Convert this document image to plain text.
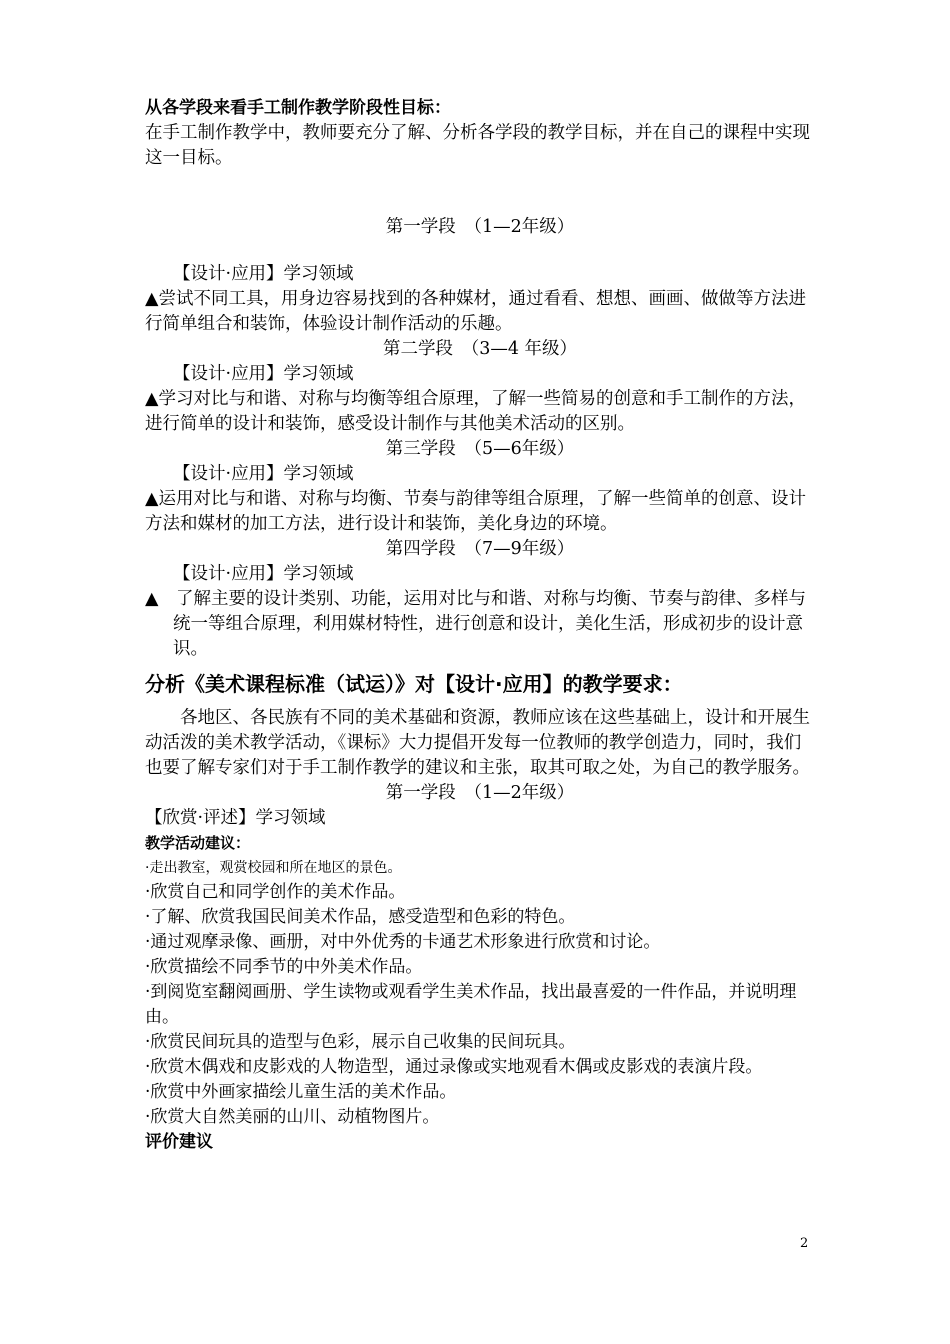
从各学段来看手工制作教学阶段性目标：

在手工制作教学中，教师要充分了解、分析各学段的教学目标，并在自己的课程中实现这一目标。

第一学段　（1—2年级）

【设计·应用】学习领域

▲尝试不同工具，用身边容易找到的各种媒材，通过看看、想想、画画、做做等方法进行简单组合和装饰，体验设计制作活动的乐趣。

第二学段　（3—4 年级）

【设计·应用】学习领域

▲学习对比与和谐、对称与均衡等组合原理，了解一些简易的创意和手工制作的方法，进行简单的设计和装饰，感受设计制作与其他美术活动的区别。

第三学段　（5—6年级）

【设计·应用】学习领域

▲运用对比与和谐、对称与均衡、节奏与韵律等组合原理，了解一些简单的创意、设计方法和媒材的加工方法，进行设计和装饰，美化身边的环境。

第四学段　（7—9年级）

【设计·应用】学习领域

▲　了解主要的设计类别、功能，运用对比与和谐、对称与均衡、节奏与韵律、多样与统一等组合原理，利用媒材特性，进行创意和设计，美化生活，形成初步的设计意识。

分析《美术课程标准（试运）》对【设计·应用】的教学要求：

各地区、各民族有不同的美术基础和资源，教师应该在这些基础上，设计和开展生动活泼的美术教学活动，《课标》大力提倡开发每一位教师的教学创造力，同时，我们也要了解专家们对于手工制作教学的建议和主张，取其可取之处，为自己的教学服务。

第一学段　（1—2年级）

【欣赏·评述】学习领域

教学活动建议：

·走出教室，观赏校园和所在地区的景色。

·欣赏自己和同学创作的美术作品。

·了解、欣赏我国民间美术作品，感受造型和色彩的特色。

·通过观摩录像、画册，对中外优秀的卡通艺术形象进行欣赏和讨论。

·欣赏描绘不同季节的中外美术作品。

·到阅览室翻阅画册、学生读物或观看学生美术作品，找出最喜爱的一件作品，并说明理由。

·欣赏民间玩具的造型与色彩，展示自己收集的民间玩具。

·欣赏木偶戏和皮影戏的人物造型，通过录像或实地观看木偶或皮影戏的表演片段。

·欣赏中外画家描绘儿童生活的美术作品。

·欣赏大自然美丽的山川、动植物图片。

评价建议

2
